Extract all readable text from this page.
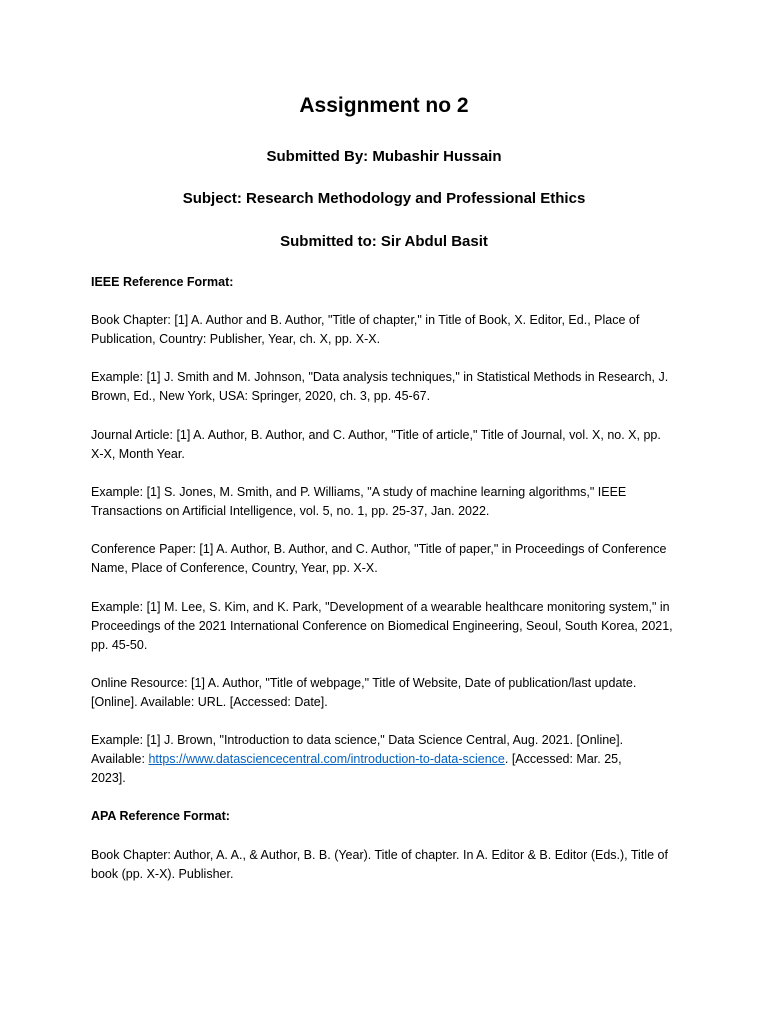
Assignment no 2
Submitted By: Mubashir Hussain
Subject: Research Methodology and Professional Ethics
Submitted to: Sir Abdul Basit
IEEE Reference Format:
Book Chapter: [1] A. Author and B. Author, "Title of chapter," in Title of Book, X. Editor, Ed., Place of
Publication, Country: Publisher, Year, ch. X, pp. X-X.
Example: [1] J. Smith and M. Johnson, "Data analysis techniques," in Statistical Methods in Research, J.
Brown, Ed., New York, USA: Springer, 2020, ch. 3, pp. 45-67.
Journal Article: [1] A. Author, B. Author, and C. Author, "Title of article," Title of Journal, vol. X, no. X, pp.
X-X, Month Year.
Example: [1] S. Jones, M. Smith, and P. Williams, "A study of machine learning algorithms," IEEE
Transactions on Artificial Intelligence, vol. 5, no. 1, pp. 25-37, Jan. 2022.
Conference Paper: [1] A. Author, B. Author, and C. Author, "Title of paper," in Proceedings of Conference
Name, Place of Conference, Country, Year, pp. X-X.
Example: [1] M. Lee, S. Kim, and K. Park, "Development of a wearable healthcare monitoring system," in
Proceedings of the 2021 International Conference on Biomedical Engineering, Seoul, South Korea, 2021,
pp. 45-50.
Online Resource: [1] A. Author, "Title of webpage," Title of Website, Date of publication/last update.
[Online]. Available: URL. [Accessed: Date].
Example: [1] J. Brown, "Introduction to data science," Data Science Central, Aug. 2021. [Online].
Available: https://www.datasciencecentral.com/introduction-to-data-science. [Accessed: Mar. 25,
2023].
APA Reference Format:
Book Chapter: Author, A. A., & Author, B. B. (Year). Title of chapter. In A. Editor & B. Editor (Eds.), Title of
book (pp. X-X). Publisher.
